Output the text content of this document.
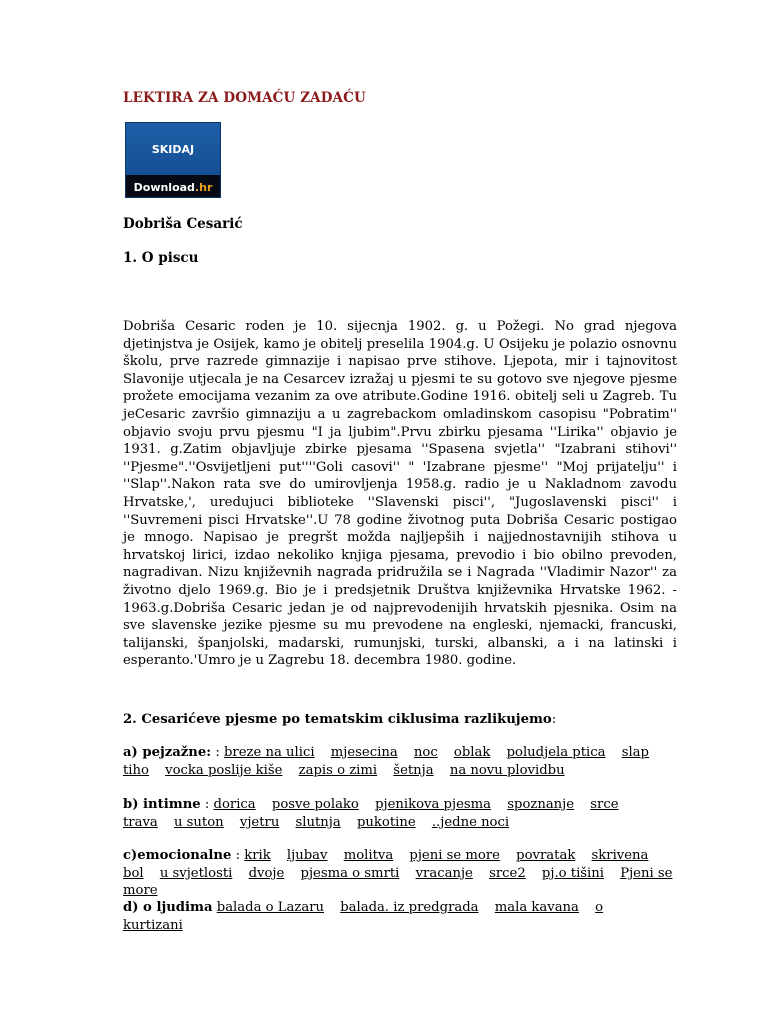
LEKTIRA ZA DOMAĆU ZADAĆU
SKIDAJ
Download.hr
Dobriša Cesarić
1. O piscu
Dobriša Cesaric roden je 10. sijecnja 1902. g. u Požegi. No grad njegova djetinjstva je Osijek, kamo je obitelj preselila 1904.g. U Osijeku je polazio osnovnu školu, prve razrede gimnazije i napisao prve stihove. Ljepota, mir i tajnovitost Slavonije utjecala je na Cesarcev izražaj u pjesmi te su gotovo sve njegove pjesme prožete emocijama vezanim za ove atribute.Godine 1916. obitelj seli u Zagreb. Tu jeCesaric završio gimnaziju a u zagrebackom omladinskom casopisu "Pobratim'' objavio svoju prvu pjesmu "I ja ljubim".Prvu zbirku pjesama ''Lirika'' objavio je 1931. g.Zatim objavljuje zbirke pjesama ''Spasena svjetla'' "Izabrani stihovi'' ''Pjesme".''Osvijetljeni put''''Goli casovi'' " 'Izabrane pjesme'' "Moj prijatelju'' i ''Slap''.Nakon rata sve do umirovljenja 1958.g. radio je u Nakladnom zavodu Hrvatske,', uredujuci biblioteke ''Slavenski pisci'', "Jugoslavenski pisci'' i ''Suvremeni pisci Hrvatske''.U 78 godine životnog puta Dobriša Cesaric postigao je mnogo. Napisao je pregršt možda najljepših i najjednostavnijih stihova u hrvatskoj lirici, izdao nekoliko knjiga pjesama, prevodio i bio obilno prevoden, nagradivan. Nizu književnih nagrada pridružila se i Nagrada ''Vladimir Nazor'' za životno djelo 1969.g. Bio je i predsjetnik Društva književnika Hrvatske 1962. - 1963.g.Dobriša Cesaric jedan je od najprevodenijih hrvatskih pjesnika. Osim na sve slavenske jezike pjesme su mu prevodene na engleski, njemacki, francuski, talijanski, španjolski, madarski, rumunjski, turski, albanski, a i na latinski i esperanto.'Umro je u Zagrebu 18. decembra 1980. godine.
2. Cesarićeve pjesme po tematskim ciklusima razlikujemo:
a) pejzažne: : breze na ulici mjesecina noc oblak poludjela ptica slap tiho vocka poslije kiše zapis o zimi šetnja na novu plovidbu
b) intimne : dorica posve polako pjenikova pjesma spoznanje srce trava u suton vjetru slutnja pukotine ..jedne noci
c)emocionalne : krik ljubav molitva pjeni se more povratak skrivena bol u svjetlosti dvoje pjesma o smrti vracanje srce2 pj.o tišini Pjeni se more
d) o ljudima balada o Lazaru balada. iz predgrada mala kavana o kurtizani
